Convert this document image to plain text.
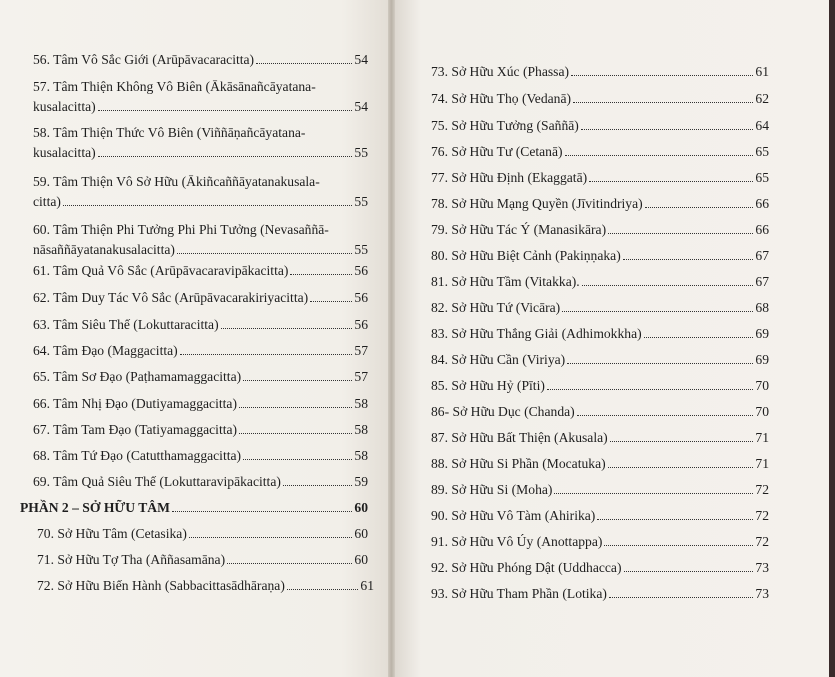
56. Tâm Vô Sắc Giới (Arūpāvacaracitta)	54
57. Tâm Thiện Không Vô Biên (Ākāsānañcāyatana-
kusalacitta)	54
58. Tâm Thiện Thức Vô Biên (Viññāṇañcāyatana-
kusalacitta)	55
59. Tâm Thiện Vô Sở Hữu (Ākiñcaññāyatanakusala-
citta)	55
60. Tâm Thiện Phi Tưởng Phi Phi Tưởng (Nevasaññā-
nāsaññāyatanakusalacitta)	55
61. Tâm Quả Vô Sắc (Arūpāvacaravipākacitta)	56
62. Tâm Duy Tác Vô Sắc (Arūpāvacarakiriyacitta)	56
63. Tâm Siêu Thế (Lokuttaracitta)	56
64. Tâm Đạo (Maggacitta)	57
65. Tâm Sơ Đạo (Paṭhamamaggacitta)	57
66. Tâm Nhị Đạo (Dutiyamaggacitta)	58
67. Tâm Tam Đạo (Tatiyamaggacitta)	58
68. Tâm Tứ Đạo (Catutthamaggacitta)	58
69. Tâm Quả Siêu Thế (Lokuttaravipākacitta)	59
PHẦN 2 – SỞ HỮU TÂM	60
70. Sở Hữu Tâm (Cetasika)	60
71. Sở Hữu Tợ Tha (Aññasamāna)	60
72. Sở Hữu Biến Hành (Sabbacittasādhāraṇa)	61
73. Sở Hữu Xúc (Phassa)	61
74. Sở Hữu Thọ (Vedanā)	62
75. Sở Hữu Tưởng (Saññā)	64
76. Sở Hữu Tư (Cetanā)	65
77. Sở Hữu Định (Ekaggatā)	65
78. Sở Hữu Mạng Quyền (Jīvitindriya)	66
79. Sở Hữu Tác Ý (Manasikāra)	66
80. Sở Hữu Biệt Cảnh (Pakiṇṇaka)	67
81. Sở Hữu Tầm (Vitakka).	67
82. Sở Hữu Tứ (Vicāra)	68
83. Sở Hữu Thắng Giải (Adhimokkha)	69
84. Sở Hữu Cần (Viriya)	69
85. Sở Hữu Hỷ (Pīti)	70
86- Sở Hữu Dục (Chanda)	70
87. Sở Hữu Bất Thiện (Akusala)	71
88. Sở Hữu Si Phần (Mocatuka)	71
89. Sở Hữu Si (Moha)	72
90. Sở Hữu Vô Tàm (Ahirika)	72
91. Sở Hữu Vô Úy (Anottappa)	72
92. Sở Hữu Phóng Dật (Uddhacca)	73
93. Sở Hữu Tham Phần (Lotika)	73
